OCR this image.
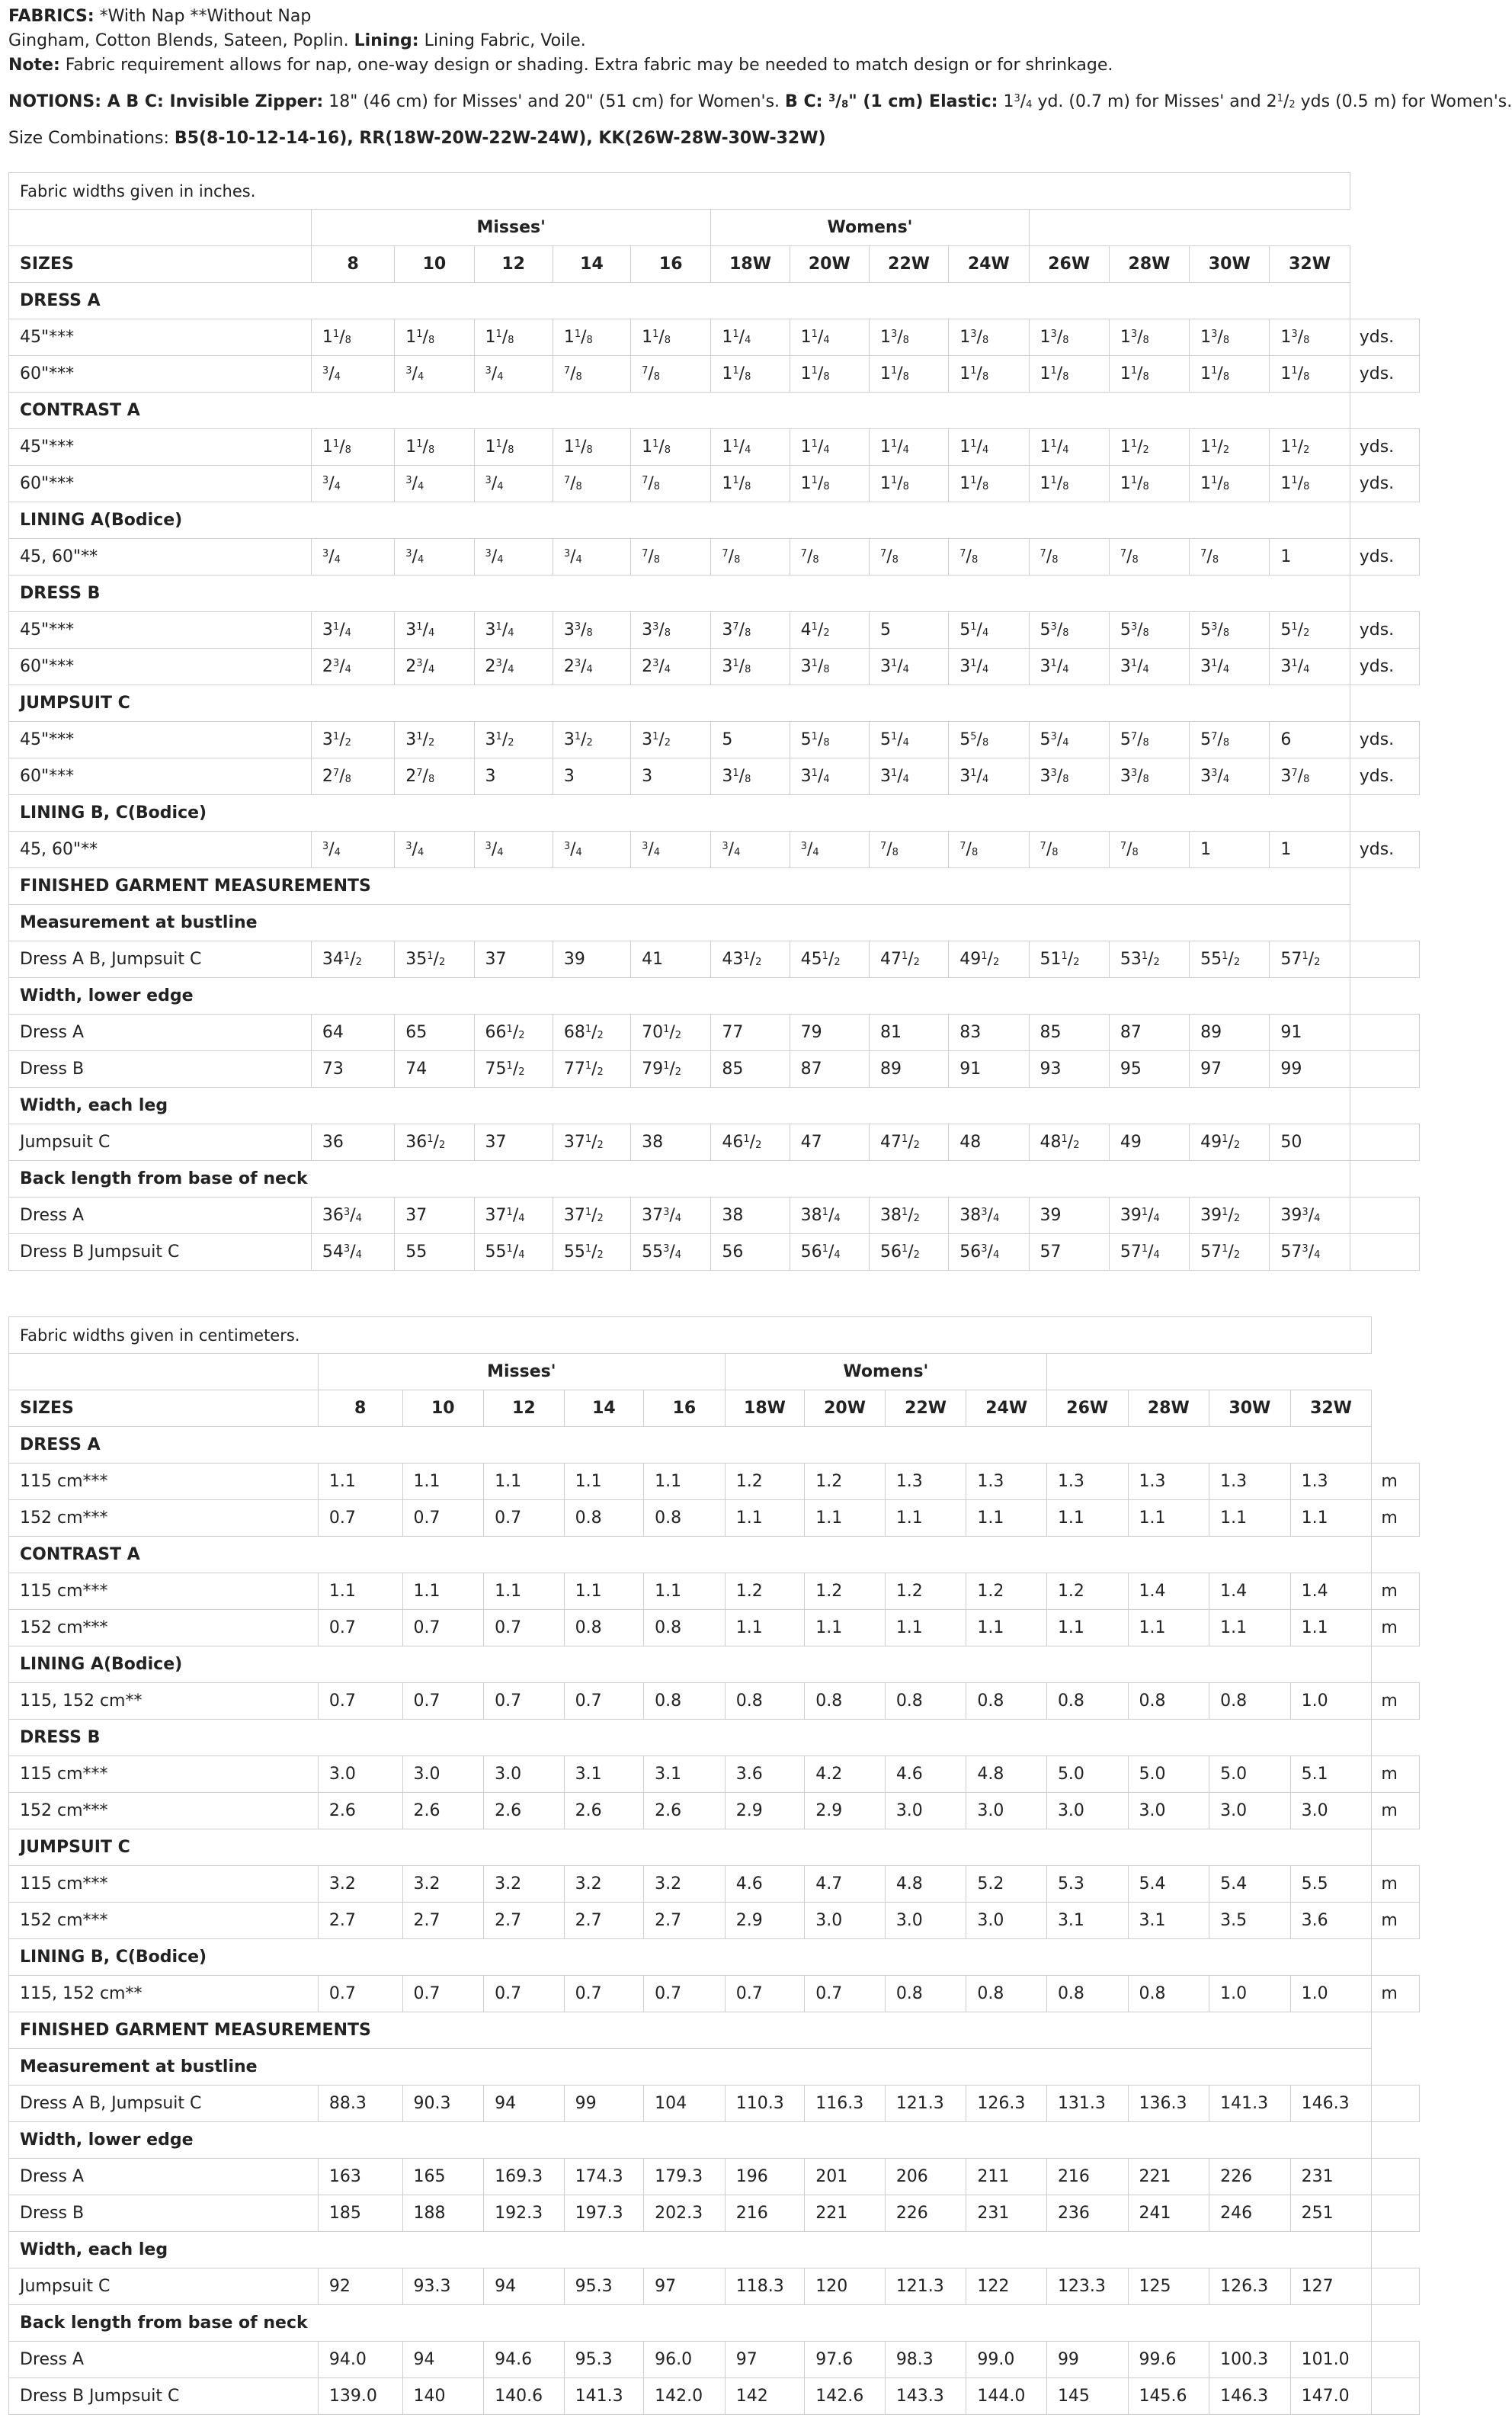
FABRICS: *With Nap **Without Nap

Gingham, Cotton Blends, Sateen, Poplin. Lining: Lining Fabric, Voile.

Note: Fabric requirement allows for nap, one-way design or shading. Extra fabric may be needed to match design or for shrinkage.

NOTIONS: A B C: Invisible Zipper: 18" (46 cm) for Misses' and 20" (51 cm) for Women's. B C: $^3/_8$" (1 cm) Elastic: $1^3/_4$ yd. (0.7 m) for Misses' and $2^1/_2$ yds (0.5 m) for Women's.

Size Combinations: B5(8-10-12-14-16), RR(18W-20W-22W-24W), KK(26W-28W-30W-32W)

Fabric widths given in inches.														
	Misses'					Womens'								
SIZES	8	10	12	14	16	18W	20W	22W	24W	26W	28W	30W	32W	
DRESS A														
45"***	$1^1/_8$	$1^1/_8$	$1^1/_8$	$1^1/_8$	$1^1/_8$	$1^1/_4$	$1^1/_4$	$1^3/_8$	$1^3/_8$	$1^3/_8$	$1^3/_8$	$1^3/_8$	$1^3/_8$	yds.
60"***	$^3/_4$	$^3/_4$	$^3/_4$	$^7/_8$	$^7/_8$	$1^1/_8$	$1^1/_8$	$1^1/_8$	$1^1/_8$	$1^1/_8$	$1^1/_8$	$1^1/_8$	$1^1/_8$	yds.
CONTRAST A														
45"***	$1^1/_8$	$1^1/_8$	$1^1/_8$	$1^1/_8$	$1^1/_8$	$1^1/_4$	$1^1/_4$	$1^1/_4$	$1^1/_4$	$1^1/_4$	$1^1/_2$	$1^1/_2$	$1^1/_2$	yds.
60"***	$^3/_4$	$^3/_4$	$^3/_4$	$^7/_8$	$^7/_8$	$1^1/_8$	$1^1/_8$	$1^1/_8$	$1^1/_8$	$1^1/_8$	$1^1/_8$	$1^1/_8$	$1^1/_8$	yds.
LINING A(Bodice)														
45, 60"**	$^3/_4$	$^3/_4$	$^3/_4$	$^3/_4$	$^7/_8$	$^7/_8$	$^7/_8$	$^7/_8$	$^7/_8$	$^7/_8$	$^7/_8$	$^7/_8$	1	yds.
DRESS B														
45"***	$3^1/_4$	$3^1/_4$	$3^1/_4$	$3^3/_8$	$3^3/_8$	$3^7/_8$	$4^1/_2$	5	$5^1/_4$	$5^3/_8$	$5^3/_8$	$5^3/_8$	$5^1/_2$	yds.
60"***	$2^3/_4$	$2^3/_4$	$2^3/_4$	$2^3/_4$	$2^3/_4$	$3^1/_8$	$3^1/_8$	$3^1/_4$	$3^1/_4$	$3^1/_4$	$3^1/_4$	$3^1/_4$	$3^1/_4$	yds.
JUMPSUIT C														
45"***	$3^1/_2$	$3^1/_2$	$3^1/_2$	$3^1/_2$	$3^1/_2$	5	$5^1/_8$	$5^1/_4$	$5^5/_8$	$5^3/_4$	$5^7/_8$	$5^7/_8$	6	yds.
60"***	$2^7/_8$	$2^7/_8$	3	3	3	$3^1/_8$	$3^1/_4$	$3^1/_4$	$3^1/_4$	$3^3/_8$	$3^3/_8$	$3^3/_4$	$3^7/_8$	yds.
LINING B, C(Bodice)														
45, 60"**	$^3/_4$	$^3/_4$	$^3/_4$	$^3/_4$	$^3/_4$	$^3/_4$	$^3/_4$	$^7/_8$	$^7/_8$	$^7/_8$	$^7/_8$	1	1	yds.
FINISHED GARMENT MEASUREMENTS														
Measurement at bustline														
Dress A B, Jumpsuit C	$34^1/_2$	$35^1/_2$	37	39	41	$43^1/_2$	$45^1/_2$	$47^1/_2$	$49^1/_2$	$51^1/_2$	$53^1/_2$	$55^1/_2$	$57^1/_2$	
Width, lower edge														
Dress A	64	65	$66^1/_2$	$68^1/_2$	$70^1/_2$	77	79	81	83	85	87	89	91	
Dress B	73	74	$75^1/_2$	$77^1/_2$	$79^1/_2$	85	87	89	91	93	95	97	99	
Width, each leg														
Jumpsuit C	36	$36^1/_2$	37	$37^1/_2$	38	$46^1/_2$	47	$47^1/_2$	48	$48^1/_2$	49	$49^1/_2$	50	
Back length from base of neck														
Dress A	$36^3/_4$	37	$37^1/_4$	$37^1/_2$	$37^3/_4$	38	$38^1/_4$	$38^1/_2$	$38^3/_4$	39	$39^1/_4$	$39^1/_2$	$39^3/_4$	
Dress B Jumpsuit C	$54^3/_4$	55	$55^1/_4$	$55^1/_2$	$55^3/_4$	56	$56^1/_4$	$56^1/_2$	$56^3/_4$	57	$57^1/_4$	$57^1/_2$	$57^3/_4$	
Fabric widths given in centimeters.														
	Misses'					Womens'								
SIZES	8	10	12	14	16	18W	20W	22W	24W	26W	28W	30W	32W	
DRESS A														
115 cm***	1.1	1.1	1.1	1.1	1.1	1.2	1.2	1.3	1.3	1.3	1.3	1.3	1.3	m
152 cm***	0.7	0.7	0.7	0.8	0.8	1.1	1.1	1.1	1.1	1.1	1.1	1.1	1.1	m
CONTRAST A														
115 cm***	1.1	1.1	1.1	1.1	1.1	1.2	1.2	1.2	1.2	1.2	1.4	1.4	1.4	m
152 cm***	0.7	0.7	0.7	0.8	0.8	1.1	1.1	1.1	1.1	1.1	1.1	1.1	1.1	m
LINING A(Bodice)														
115, 152 cm**	0.7	0.7	0.7	0.7	0.8	0.8	0.8	0.8	0.8	0.8	0.8	0.8	1.0	m
DRESS B														
115 cm***	3.0	3.0	3.0	3.1	3.1	3.6	4.2	4.6	4.8	5.0	5.0	5.0	5.1	m
152 cm***	2.6	2.6	2.6	2.6	2.6	2.9	2.9	3.0	3.0	3.0	3.0	3.0	3.0	m
JUMPSUIT C														
115 cm***	3.2	3.2	3.2	3.2	3.2	4.6	4.7	4.8	5.2	5.3	5.4	5.4	5.5	m
152 cm***	2.7	2.7	2.7	2.7	2.7	2.9	3.0	3.0	3.0	3.1	3.1	3.5	3.6	m
LINING B, C(Bodice)														
115, 152 cm**	0.7	0.7	0.7	0.7	0.7	0.7	0.7	0.8	0.8	0.8	0.8	1.0	1.0	m
FINISHED GARMENT MEASUREMENTS														
Measurement at bustline														
Dress A B, Jumpsuit C	88.3	90.3	94	99	104	110.3	116.3	121.3	126.3	131.3	136.3	141.3	146.3	
Width, lower edge														
Dress A	163	165	169.3	174.3	179.3	196	201	206	211	216	221	226	231	
Dress B	185	188	192.3	197.3	202.3	216	221	226	231	236	241	246	251	
Width, each leg														
Jumpsuit C	92	93.3	94	95.3	97	118.3	120	121.3	122	123.3	125	126.3	127	
Back length from base of neck														
Dress A	94.0	94	94.6	95.3	96.0	97	97.6	98.3	99.0	99	99.6	100.3	101.0	
Dress B Jumpsuit C	139.0	140	140.6	141.3	142.0	142	142.6	143.3	144.0	145	145.6	146.3	147.0	
